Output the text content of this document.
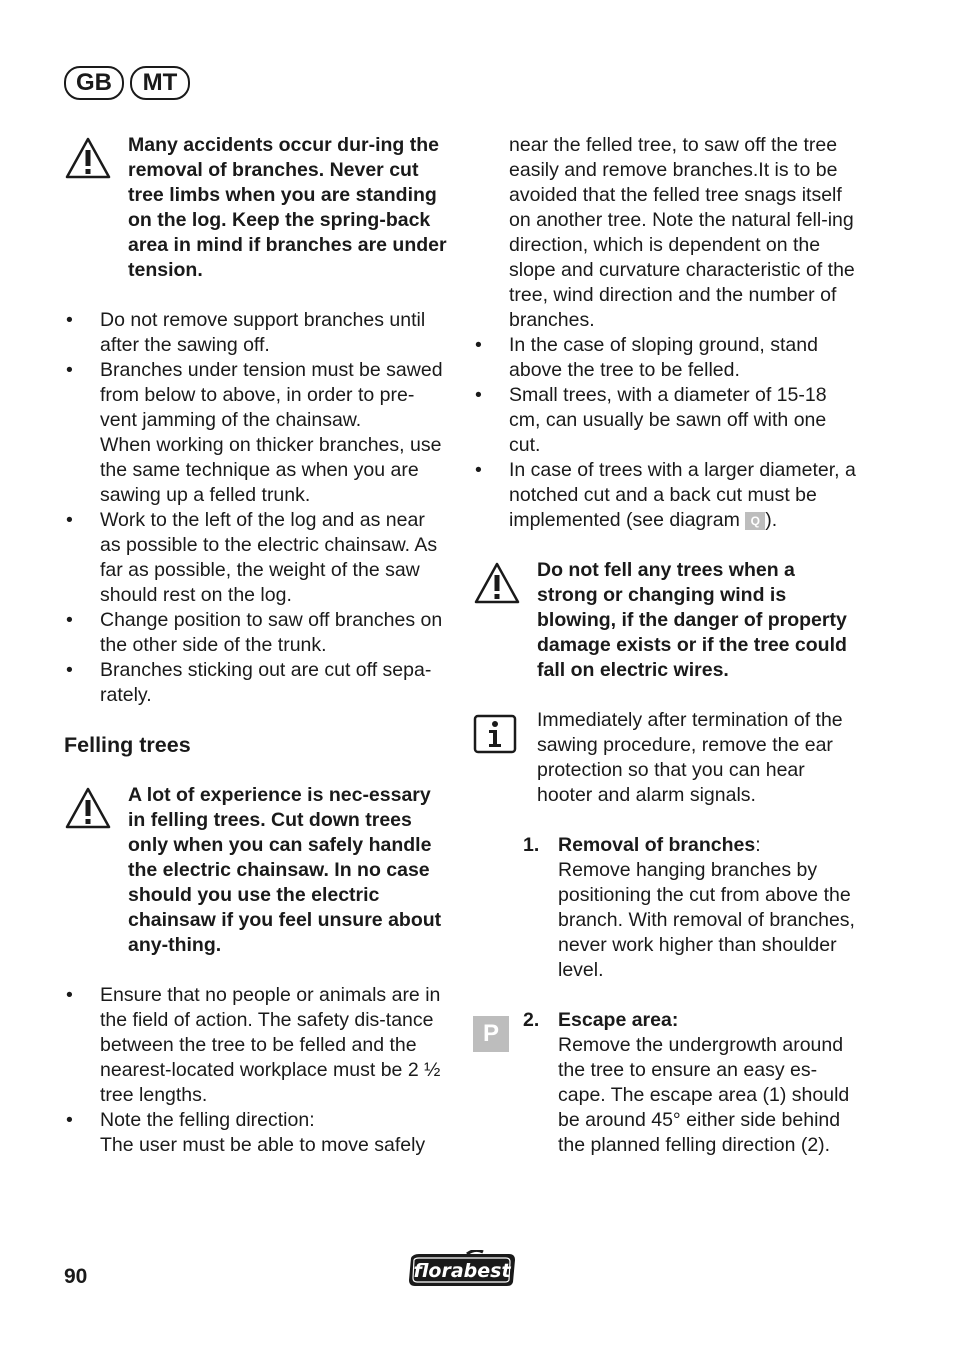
GB	MT
Many accidents occur dur-ing the removal of branches. Never cut tree limbs when you are standing on the log. Keep the spring-back area in mind if branches are under tension.
• Do not remove support branches until after the sawing off.
• Branches under tension must be sawed from below to above, in order to pre-vent jamming of the chainsaw.
When working on thicker branches, use the same technique as when you are sawing up a felled trunk.
• Work to the left of the log and as near as possible to the electric chainsaw. As far as possible, the weight of the saw should rest on the log.
• Change position to saw off branches on the other side of the trunk.
• Branches sticking out are cut off sepa-rately.
Felling trees
A lot of experience is nec-essary in felling trees. Cut down trees only when you can safely handle the electric chainsaw. In no case should you use the electric chainsaw if you feel unsure about any-thing.
• Ensure that no people or animals are in the field of action. The safety dis-tance between the tree to be felled and the nearest-located workplace must be 2 ½ tree lengths.
• Note the felling direction:
The user must be able to move safely
near the felled tree, to saw off the tree easily and remove branches.It is to be avoided that the felled tree snags itself on another tree. Note the natural fell-ing direction, which is dependent on the slope and curvature characteristic of the tree, wind direction and the number of branches.
• In the case of sloping ground, stand above the tree to be felled.
• Small trees, with a diameter of 15-18 cm, can usually be sawn off with one cut.
• In case of trees with a larger diameter, a notched cut and a back cut must be implemented (see diagram Q ).
Do not fell any trees when a strong or changing wind is blowing, if the danger of property damage exists or if the tree could fall on electric wires.
Immediately after termination of the sawing procedure, remove the ear protection so that you can hear hooter and alarm signals.
1. Removal of branches:
Remove hanging branches by positioning the cut from above the branch. With removal of branches, never work higher than shoulder level.
P	2. Escape area:
Remove the undergrowth around the tree to ensure an easy es-cape. The escape area (1) should be around 45° either side behind the planned felling direction (2).
90	florabest
